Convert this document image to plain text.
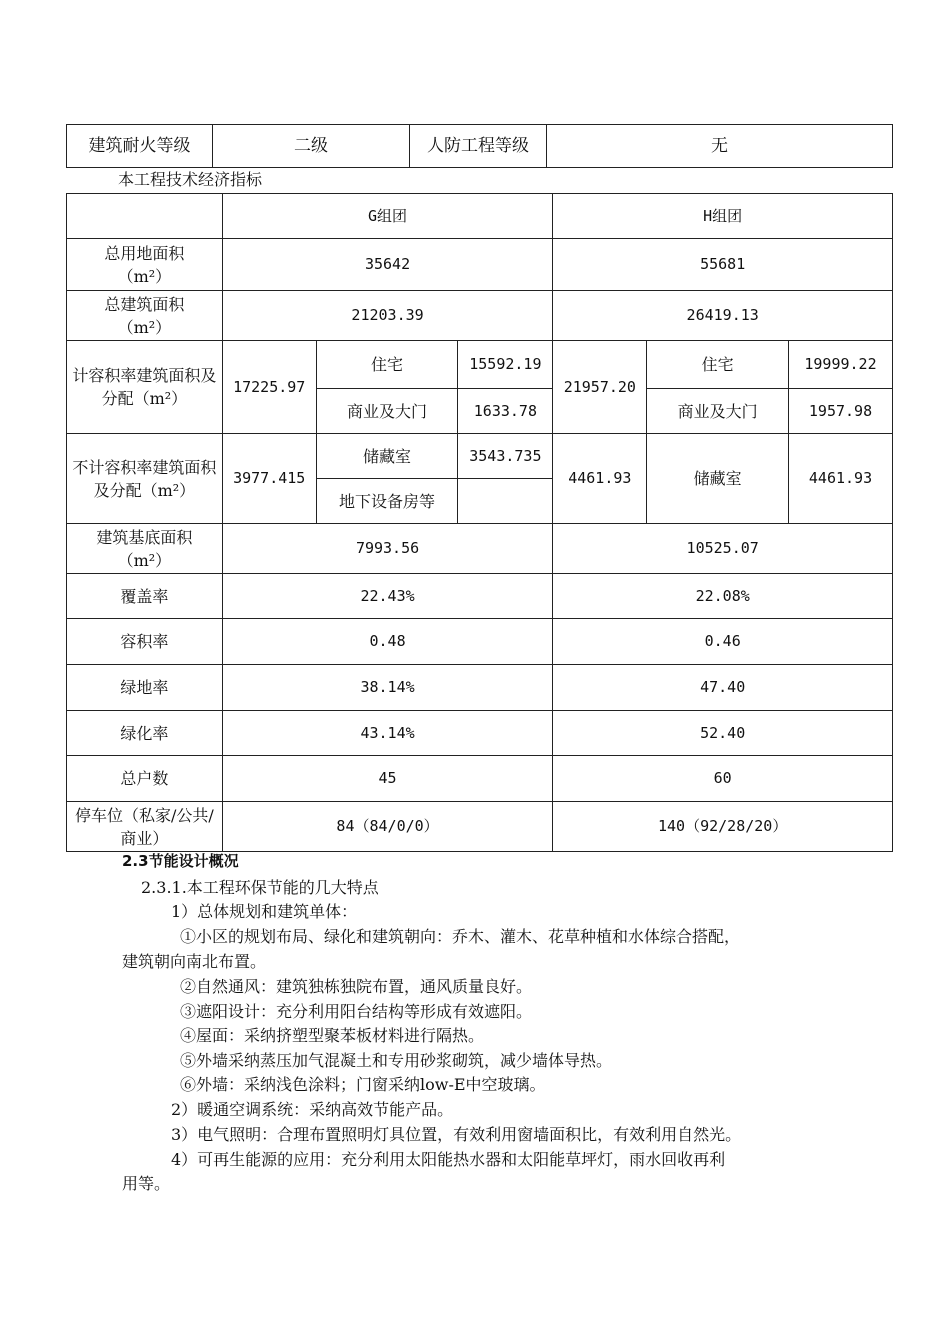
建筑耐火等级	二级	人防工程等级	无
本工程技术经济指标
	G组团			H组团		
总用地面积
（m²）	35642			55681		
总建筑面积
（m²）	21203.39			26419.13		
计容积率建筑面积及分配（m²）	17225.97	住宅	15592.19	21957.20	住宅	19999.22
		商业及大门	1633.78		商业及大门	1957.98
不计容积率建筑面积及分配（m²）	3977.415	储藏室	3543.735	4461.93	储藏室	4461.93
		地下设备房等				
建筑基底面积
（m²）	7993.56			10525.07		
覆盖率	22.43%			22.08%		
容积率	0.48			0.46		
绿地率	38.14%			47.40		
绿化率	43.14%			52.40		
总户数	45			60		
停车位（私家/公共/商业）	84（84/0/0）			140（92/28/20）		
2.3节能设计概况
2.3.1.本工程环保节能的几大特点
1）总体规划和建筑单体：
①小区的规划布局、绿化和建筑朝向：乔木、灌木、花草种植和水体综合搭配，
建筑朝向南北布置。
②自然通风：建筑独栋独院布置，通风质量良好。
③遮阳设计：充分利用阳台结构等形成有效遮阳。
④屋面：采纳挤塑型聚苯板材料进行隔热。
⑤外墙采纳蒸压加气混凝土和专用砂浆砌筑，减少墙体导热。
⑥外墙：采纳浅色涂料；门窗采纳low-E中空玻璃。
2）暖通空调系统：采纳高效节能产品。
3）电气照明：合理布置照明灯具位置，有效利用窗墙面积比，有效利用自然光。
4）可再生能源的应用：充分利用太阳能热水器和太阳能草坪灯，雨水回收再利
用等。
